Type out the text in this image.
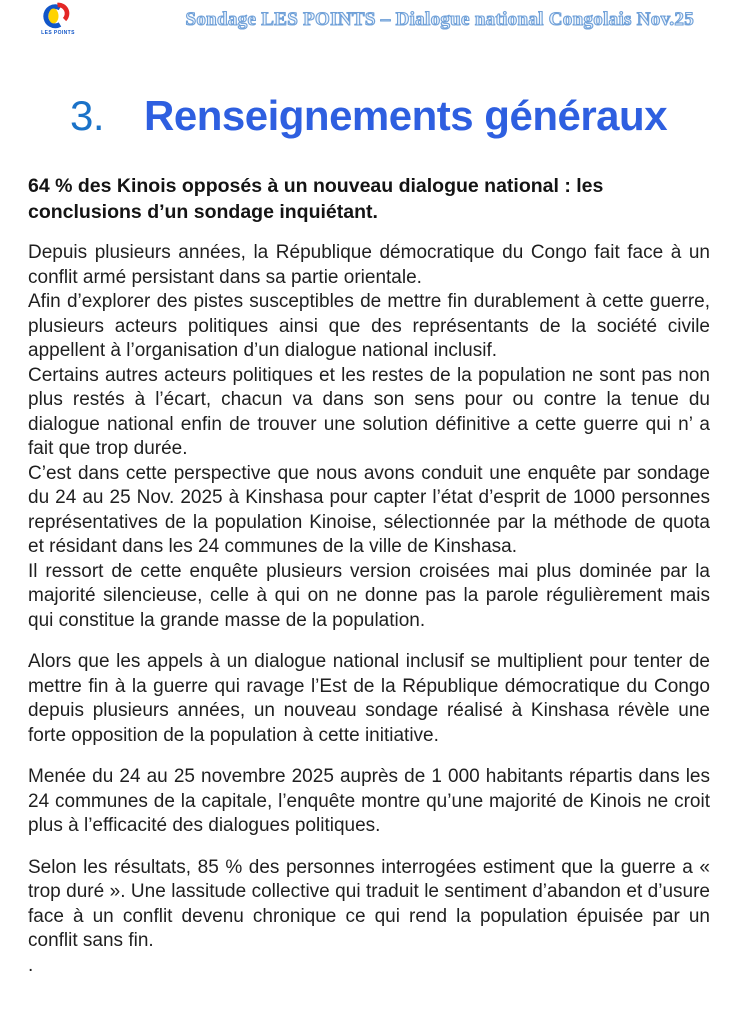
LES POINTS
Sondage LES POINTS – Dialogue national Congolais Nov.25
3. Renseignements généraux
64 % des Kinois opposés à un nouveau dialogue national : les conclusions d’un sondage inquiétant.

Depuis plusieurs années, la République démocratique du Congo fait face à un conflit armé persistant dans sa partie orientale.

Afin d’explorer des pistes susceptibles de mettre fin durablement à cette guerre, plusieurs acteurs politiques ainsi que des représentants de la société civile appellent à l’organisation d’un dialogue national inclusif.

Certains autres acteurs politiques et les restes de la population ne sont pas non plus restés à l’écart, chacun va dans son sens pour ou contre la tenue du dialogue national enfin de trouver une solution définitive a cette guerre qui n’ a fait que trop durée.

C’est dans cette perspective que nous avons conduit une enquête par sondage du 24 au 25 Nov. 2025 à Kinshasa pour capter l’état d’esprit de 1000 personnes représentatives de la population Kinoise, sélectionnée par la méthode de quota et résidant dans les 24 communes de la ville de Kinshasa.

Il ressort de cette enquête plusieurs version croisées mai plus dominée par la majorité silencieuse, celle à qui on ne donne pas la parole régulièrement mais qui constitue la grande masse de la population.

Alors que les appels à un dialogue national inclusif se multiplient pour tenter de mettre fin à la guerre qui ravage l’Est de la République démocratique du Congo depuis plusieurs années, un nouveau sondage réalisé à Kinshasa révèle une forte opposition de la population à cette initiative.

Menée du 24 au 25 novembre 2025 auprès de 1 000 habitants répartis dans les 24 communes de la capitale, l’enquête montre qu’une majorité de Kinois ne croit plus à l’efficacité des dialogues politiques.

Selon les résultats, 85 % des personnes interrogées estiment que la guerre a « trop duré ». Une lassitude collective qui traduit le sentiment d’abandon et d’usure face à un conflit devenu chronique ce qui rend la population épuisée par un conflit sans fin.

.
